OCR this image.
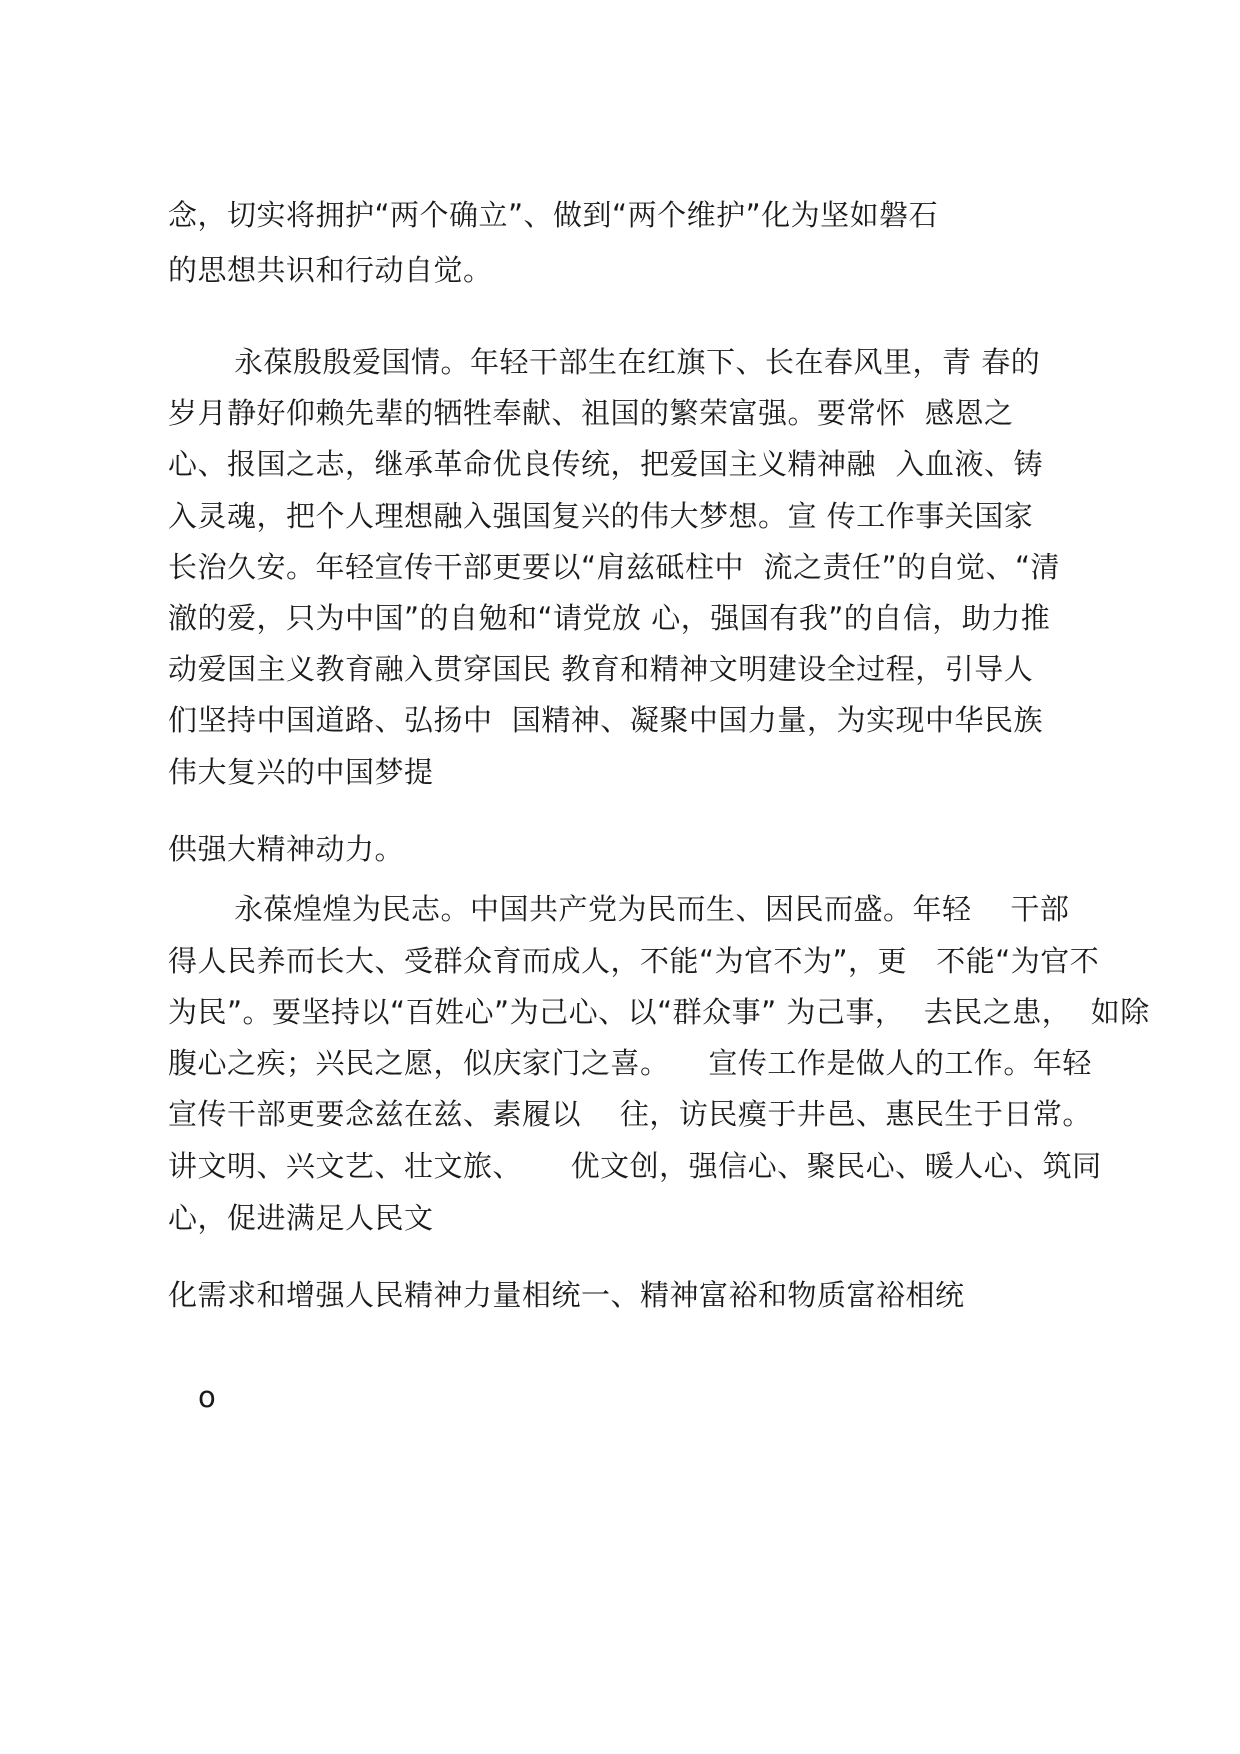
念，切实将拥护“两个确立”、做到“两个维护”化为坚如磐石

的思想共识和行动自觉。

永葆殷殷爱国情。年轻干部生在红旗下、长在春风里，青 春的

岁月静好仰赖先辈的牺牲奉献、祖国的繁荣富强。要常怀  感恩之

心、报国之志，继承革命优良传统，把爱国主义精神融  入血液、铸

入灵魂，把个人理想融入强国复兴的伟大梦想。宣 传工作事关国家

长治久安。年轻宣传干部更要以“肩兹砥柱中  流之责任”的自觉、“清

澈的爱，只为中国”的自勉和“请党放 心，强国有我”的自信，助力推

动爱国主义教育融入贯穿国民 教育和精神文明建设全过程，引导人

们坚持中国道路、弘扬中  国精神、凝聚中国力量，为实现中华民族

伟大复兴的中国梦提

供强大精神动力。

永葆煌煌为民志。中国共产党为民而生、因民而盛。年轻    干部

得人民养而长大、受群众育而成人，不能“为官不为”，更   不能“为官不

为民”。要坚持以“百姓心”为己心、以“群众事” 为己事，  去民之患，  如除

腹心之疾；兴民之愿，似庆家门之喜。    宣传工作是做人的工作。年轻

宣传干部更要念兹在兹、素履以    往，访民瘼于井邑、惠民生于日常。

讲文明、兴文艺、壮文旅、     优文创，强信心、聚民心、暖人心、筑同

心，促进满足人民文

化需求和增强人民精神力量相统一、精神富裕和物质富裕相统

o
